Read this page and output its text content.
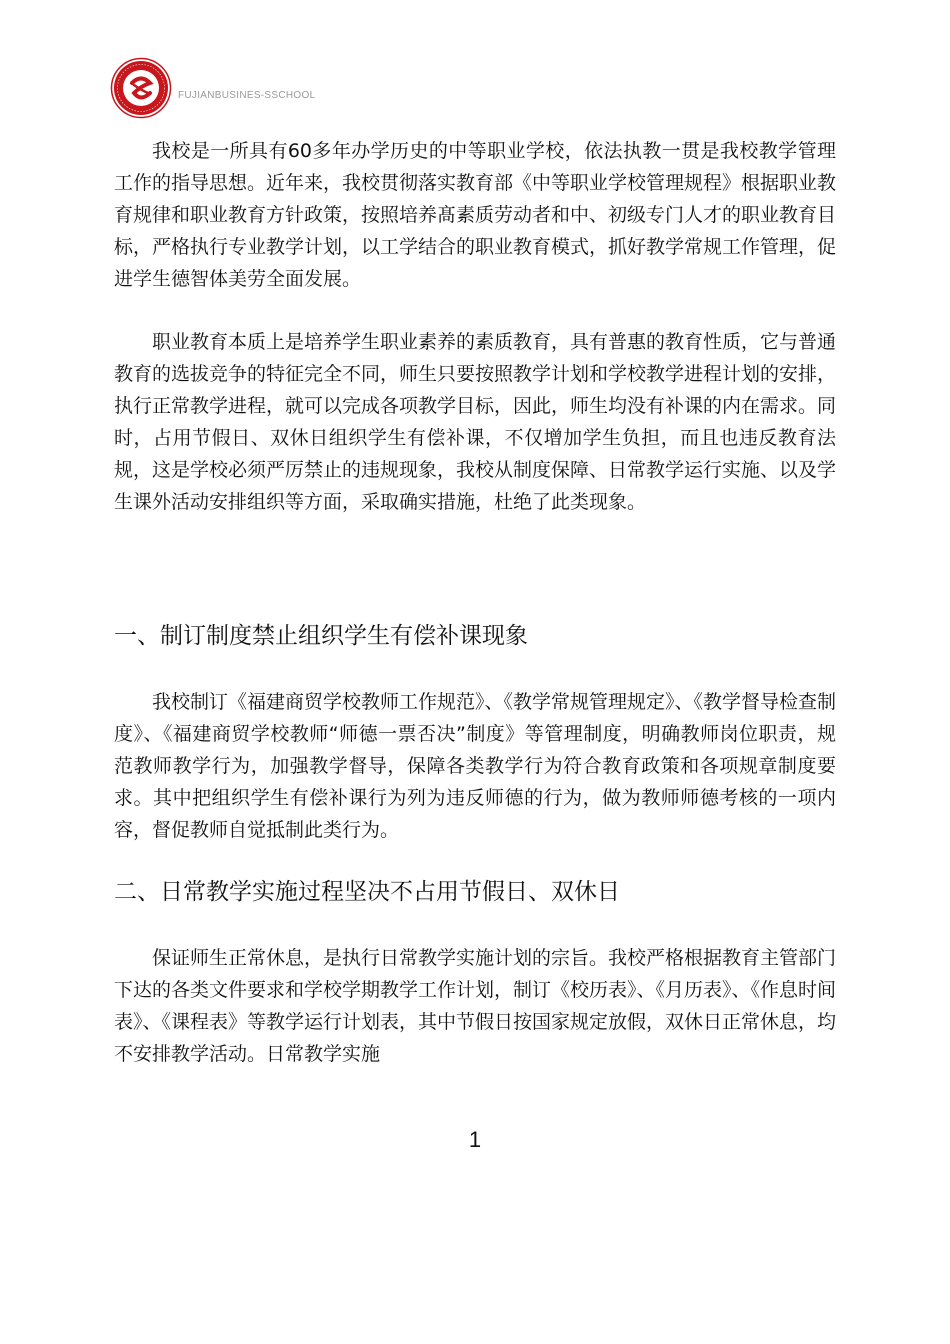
FUJIANBUSINES-SSCHOOL

我校是一所具有60多年办学历史的中等职业学校，依法执教一贯是我校教学管理工作的指导思想。近年来，我校贯彻落实教育部《中等职业学校管理规程》根据职业教育规律和职业教育方针政策，按照培养髙素质劳动者和中、初级专门人才的职业教育目标，严格执行专业教学计划，以工学结合的职业教育模式，抓好教学常规工作管理，促进学生德智体美劳全面发展。

职业教育本质上是培养学生职业素养的素质教育，具有普惠的教育性质，它与普通教育的选拔竞争的特征完全不同，师生只要按照教学计划和学校教学进程计划的安排，执行正常教学进程，就可以完成各项教学目标，因此，师生均没有补课的内在需求。同时，占用节假日、双休日组织学生有偿补课，不仅增加学生负担，而且也违反教育法规，这是学校必须严厉禁止的违规现象，我校从制度保障、日常教学运行实施、以及学生课外活动安排组织等方面，采取确实措施，杜绝了此类现象。

一、制订制度禁止组织学生有偿补课现象

我校制订《福建商贸学校教师工作规范》、《教学常规管理规定》、《教学督导检查制度》、《福建商贸学校教师“师德一票否决”制度》等管理制度，明确教师岗位职责，规范教师教学行为，加强教学督导，保障各类教学行为符合教育政策和各项规章制度要求。其中把组织学生有偿补课行为列为违反师德的行为，做为教师师德考核的一项内容，督促教师自觉抵制此类行为。

二、日常教学实施过程坚决不占用节假日、双休日

保证师生正常休息，是执行日常教学实施计划的宗旨。我校严格根据教育主管部门下达的各类文件要求和学校学期教学工作计划，制订《校历表》、《月历表》、《作息时间表》、《课程表》等教学运行计划表，其中节假日按国家规定放假，双休日正常休息，均不安排教学活动。日常教学实施

1
